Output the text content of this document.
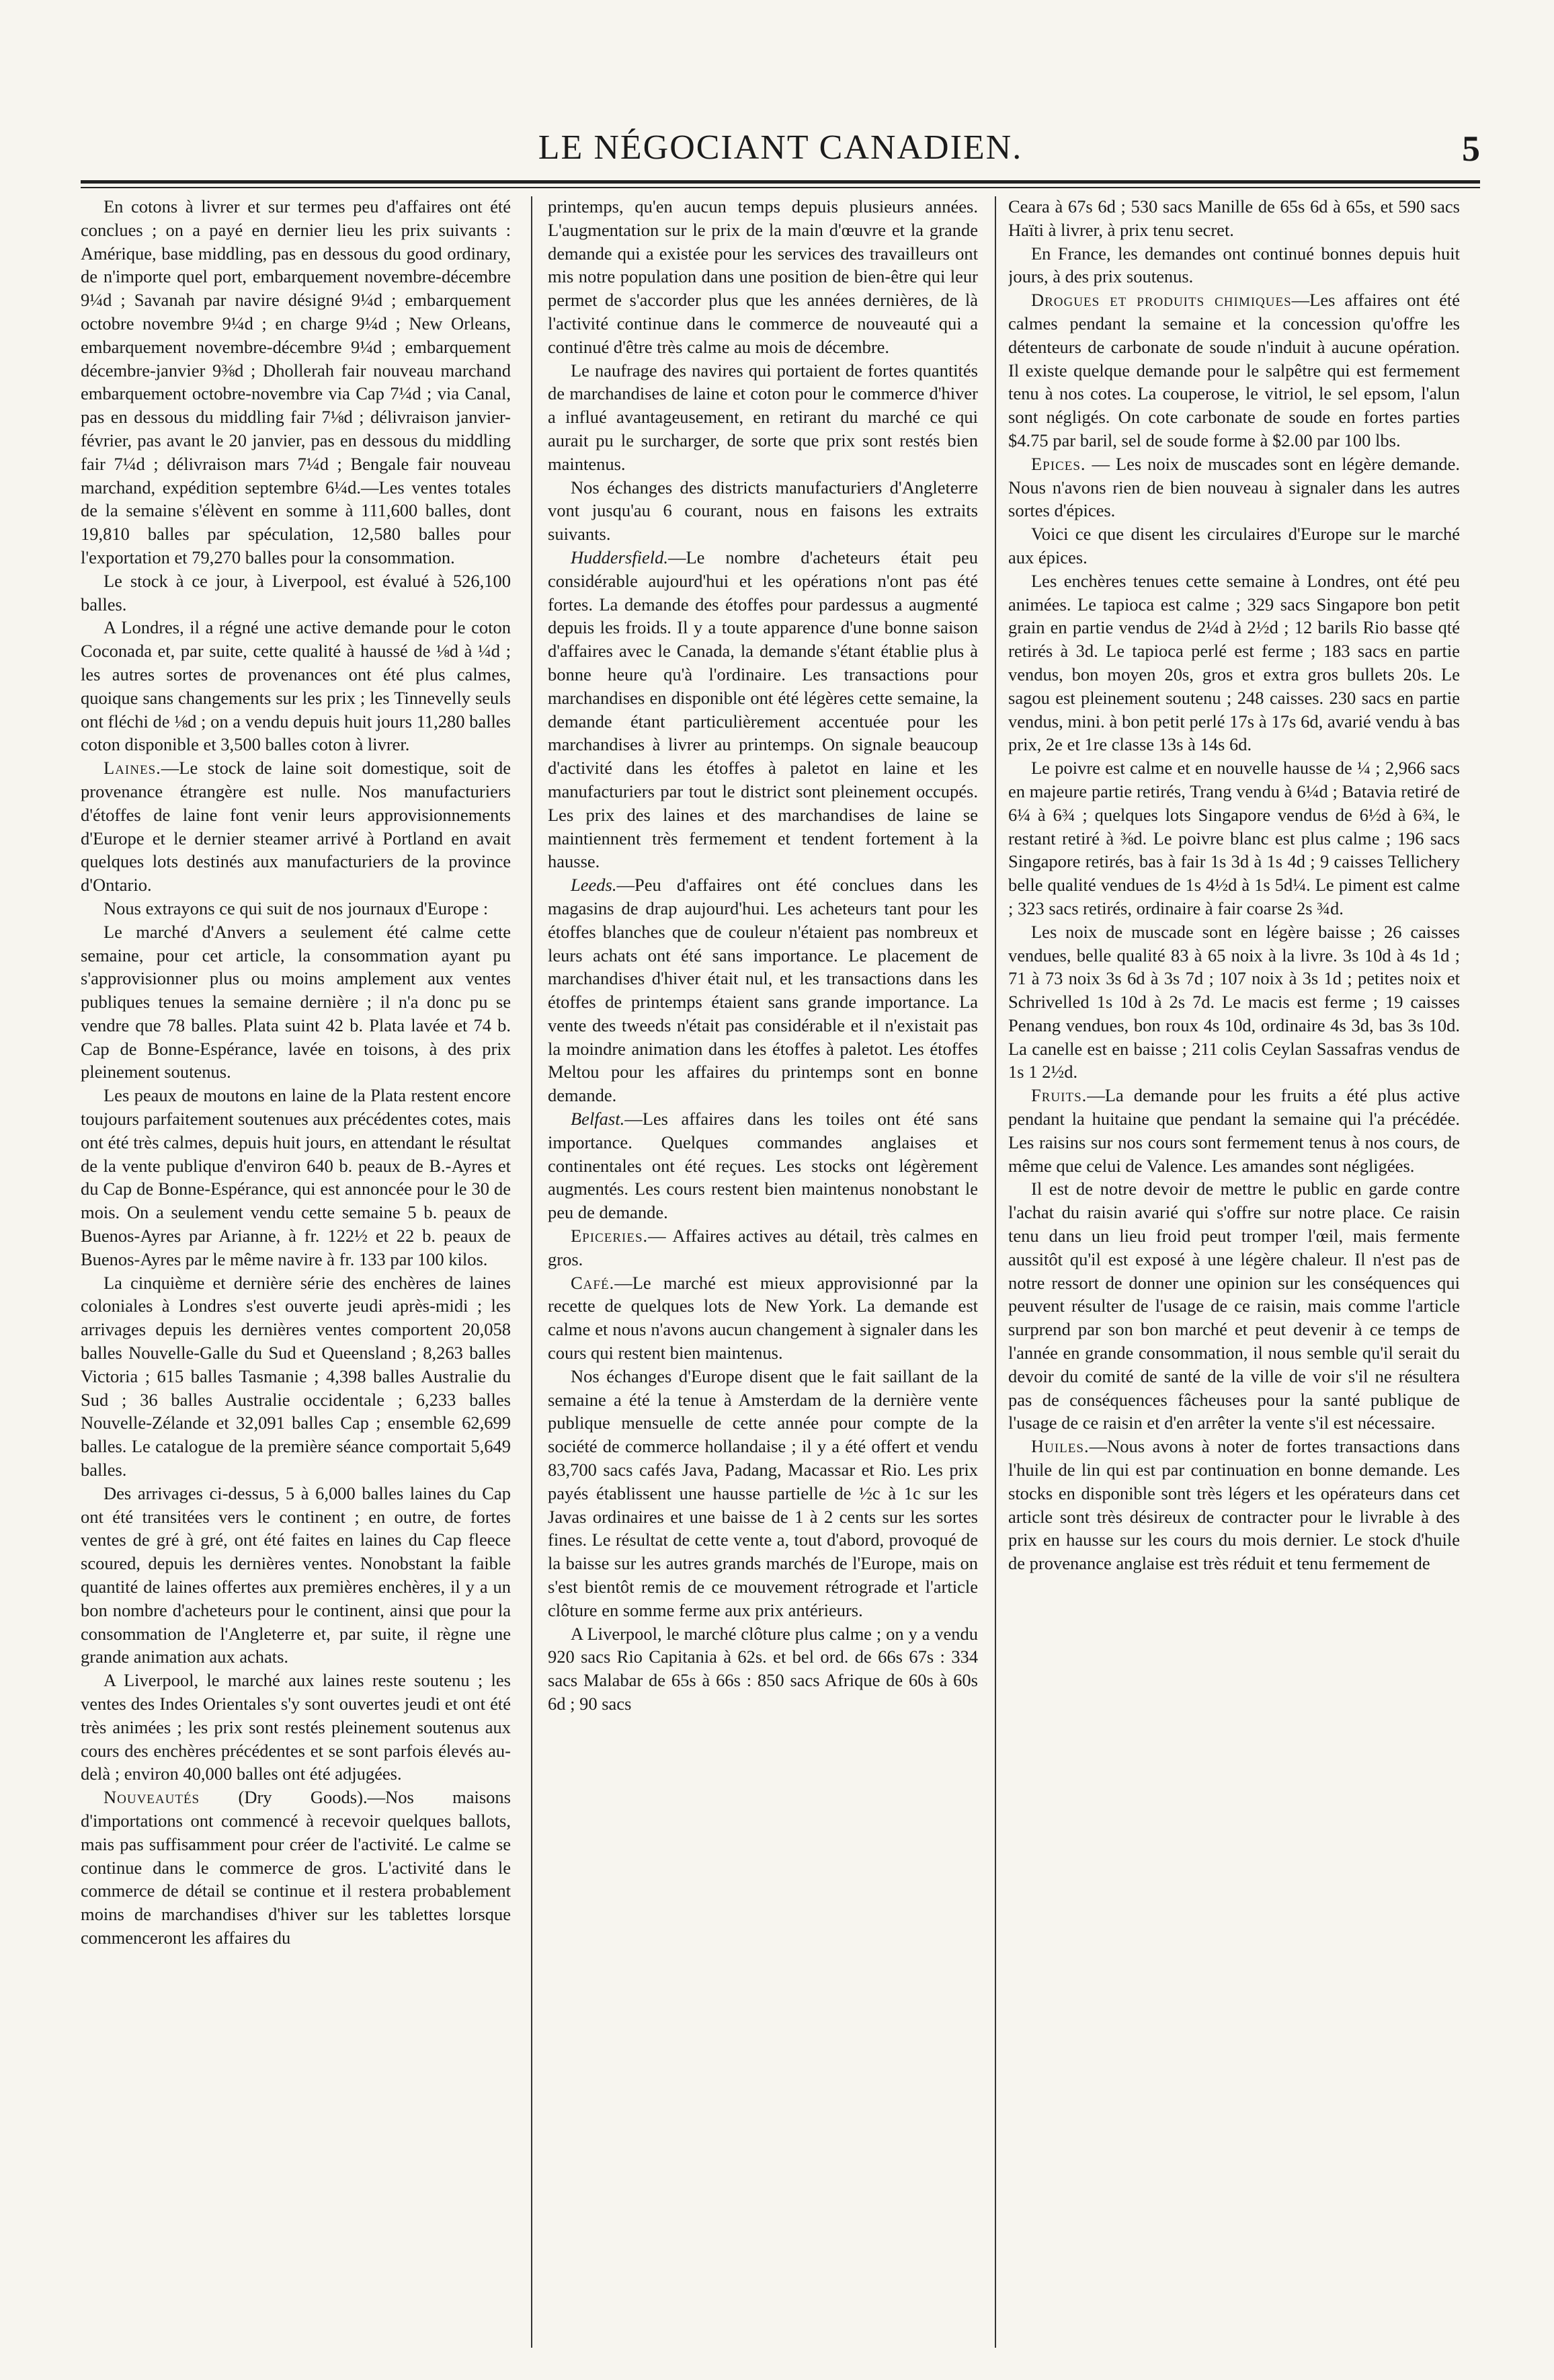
LE NÉGOCIANT CANADIEN.	5

En cotons à livrer et sur termes peu d'affaires ont été conclues ; on a payé en dernier lieu les prix suivants : Amérique, base middling, pas en dessous du good ordinary, de n'importe quel port, embarquement novembre-décembre 9¼d ; Savanah par navire désigné 9¼d ; embarquement octobre novembre 9¼d ; en charge 9¼d ; New Orleans, embarquement novembre-décembre 9¼d ; embarquement décembre-janvier 9⅜d ; Dhollerah fair nouveau marchand embarquement octobre-novembre via Cap 7¼d ; via Canal, pas en dessous du middling fair 7⅛d ; délivraison janvier-février, pas avant le 20 janvier, pas en dessous du middling fair 7¼d ; délivraison mars 7¼d ; Bengale fair nouveau marchand, expédition septembre 6¼d.—Les ventes totales de la semaine s'élèvent en somme à 111,600 balles, dont 19,810 balles par spéculation, 12,580 balles pour l'exportation et 79,270 balles pour la consommation.

Le stock à ce jour, à Liverpool, est évalué à 526,100 balles.

A Londres, il a régné une active demande pour le coton Coconada et, par suite, cette qualité à haussé de ⅛d à ¼d ; les autres sortes de provenances ont été plus calmes, quoique sans changements sur les prix ; les Tinnevelly seuls ont fléchi de ⅛d ; on a vendu depuis huit jours 11,280 balles coton disponible et 3,500 balles coton à livrer.

Laines.—Le stock de laine soit domestique, soit de provenance étrangère est nulle. Nos manufacturiers d'étoffes de laine font venir leurs approvisionnements d'Europe et le dernier steamer arrivé à Portland en avait quelques lots destinés aux manufacturiers de la province d'Ontario.

Nous extrayons ce qui suit de nos journaux d'Europe :

Le marché d'Anvers a seulement été calme cette semaine, pour cet article, la consommation ayant pu s'approvisionner plus ou moins amplement aux ventes publiques tenues la semaine dernière ; il n'a donc pu se vendre que 78 balles. Plata suint 42 b. Plata lavée et 74 b. Cap de Bonne-Espérance, lavée en toisons, à des prix pleinement soutenus.

Les peaux de moutons en laine de la Plata restent encore toujours parfaitement soutenues aux précédentes cotes, mais ont été très calmes, depuis huit jours, en attendant le résultat de la vente publique d'environ 640 b. peaux de B.-Ayres et du Cap de Bonne-Espérance, qui est annoncée pour le 30 de mois. On a seulement vendu cette semaine 5 b. peaux de Buenos-Ayres par Arianne, à fr. 122½ et 22 b. peaux de Buenos-Ayres par le même navire à fr. 133 par 100 kilos.

La cinquième et dernière série des enchères de laines coloniales à Londres s'est ouverte jeudi après-midi ; les arrivages depuis les dernières ventes comportent 20,058 balles Nouvelle-Galle du Sud et Queensland ; 8,263 balles Victoria ; 615 balles Tasmanie ; 4,398 balles Australie du Sud ; 36 balles Australie occidentale ; 6,233 balles Nouvelle-Zélande et 32,091 balles Cap ; ensemble 62,699 balles. Le catalogue de la première séance comportait 5,649 balles.

Des arrivages ci-dessus, 5 à 6,000 balles laines du Cap ont été transitées vers le continent ; en outre, de fortes ventes de gré à gré, ont été faites en laines du Cap fleece scoured, depuis les dernières ventes. Nonobstant la faible quantité de laines offertes aux premières enchères, il y a un bon nombre d'acheteurs pour le continent, ainsi que pour la consommation de l'Angleterre et, par suite, il règne une grande animation aux achats.

A Liverpool, le marché aux laines reste soutenu ; les ventes des Indes Orientales s'y sont ouvertes jeudi et ont été très animées ; les prix sont restés pleinement soutenus aux cours des enchères précédentes et se sont parfois élevés au-delà ; environ 40,000 balles ont été adjugées.

Nouveautés (Dry Goods).—Nos maisons d'importations ont commencé à recevoir quelques ballots, mais pas suffisamment pour créer de l'activité. Le calme se continue dans le commerce de gros. L'activité dans le commerce de détail se continue et il restera probablement moins de marchandises d'hiver sur les tablettes lorsque commenceront les affaires du

printemps, qu'en aucun temps depuis plusieurs années. L'augmentation sur le prix de la main d'œuvre et la grande demande qui a existée pour les services des travailleurs ont mis notre population dans une position de bien-être qui leur permet de s'accorder plus que les années dernières, de là l'activité continue dans le commerce de nouveauté qui a continué d'être très calme au mois de décembre.

Le naufrage des navires qui portaient de fortes quantités de marchandises de laine et coton pour le commerce d'hiver a influé avantageusement, en retirant du marché ce qui aurait pu le surcharger, de sorte que prix sont restés bien maintenus.

Nos échanges des districts manufacturiers d'Angleterre vont jusqu'au 6 courant, nous en faisons les extraits suivants.

Huddersfield.—Le nombre d'acheteurs était peu considérable aujourd'hui et les opérations n'ont pas été fortes. La demande des étoffes pour pardessus a augmenté depuis les froids. Il y a toute apparence d'une bonne saison d'affaires avec le Canada, la demande s'étant établie plus à bonne heure qu'à l'ordinaire. Les transactions pour marchandises en disponible ont été légères cette semaine, la demande étant particulièrement accentuée pour les marchandises à livrer au printemps. On signale beaucoup d'activité dans les étoffes à paletot en laine et les manufacturiers par tout le district sont pleinement occupés. Les prix des laines et des marchandises de laine se maintiennent très fermement et tendent fortement à la hausse.

Leeds.—Peu d'affaires ont été conclues dans les magasins de drap aujourd'hui. Les acheteurs tant pour les étoffes blanches que de couleur n'étaient pas nombreux et leurs achats ont été sans importance. Le placement de marchandises d'hiver était nul, et les transactions dans les étoffes de printemps étaient sans grande importance. La vente des tweeds n'était pas considérable et il n'existait pas la moindre animation dans les étoffes à paletot. Les étoffes Meltou pour les affaires du printemps sont en bonne demande.

Belfast.—Les affaires dans les toiles ont été sans importance. Quelques commandes anglaises et continentales ont été reçues. Les stocks ont légèrement augmentés. Les cours restent bien maintenus nonobstant le peu de demande.

Epiceries.— Affaires actives au détail, très calmes en gros.

Café.—Le marché est mieux approvisionné par la recette de quelques lots de New York. La demande est calme et nous n'avons aucun changement à signaler dans les cours qui restent bien maintenus.

Nos échanges d'Europe disent que le fait saillant de la semaine a été la tenue à Amsterdam de la dernière vente publique mensuelle de cette année pour compte de la société de commerce hollandaise ; il y a été offert et vendu 83,700 sacs cafés Java, Padang, Macassar et Rio. Les prix payés établissent une hausse partielle de ½c à 1c sur les Javas ordinaires et une baisse de 1 à 2 cents sur les sortes fines. Le résultat de cette vente a, tout d'abord, provoqué de la baisse sur les autres grands marchés de l'Europe, mais on s'est bientôt remis de ce mouvement rétrograde et l'article clôture en somme ferme aux prix antérieurs.

A Liverpool, le marché clôture plus calme ; on y a vendu 920 sacs Rio Capitania à 62s. et bel ord. de 66s 67s : 334 sacs Malabar de 65s à 66s : 850 sacs Afrique de 60s à 60s 6d ; 90 sacs

Ceara à 67s 6d ; 530 sacs Manille de 65s 6d à 65s, et 590 sacs Haïti à livrer, à prix tenu secret.

En France, les demandes ont continué bonnes depuis huit jours, à des prix soutenus.

Drogues et produits chimiques—Les affaires ont été calmes pendant la semaine et la concession qu'offre les détenteurs de carbonate de soude n'induit à aucune opération. Il existe quelque demande pour le salpêtre qui est fermement tenu à nos cotes. La couperose, le vitriol, le sel epsom, l'alun sont négligés. On cote carbonate de soude en fortes parties $4.75 par baril, sel de soude forme à $2.00 par 100 lbs.

Epices. — Les noix de muscades sont en légère demande. Nous n'avons rien de bien nouveau à signaler dans les autres sortes d'épices.

Voici ce que disent les circulaires d'Europe sur le marché aux épices.

Les enchères tenues cette semaine à Londres, ont été peu animées. Le tapioca est calme ; 329 sacs Singapore bon petit grain en partie vendus de 2¼d à 2½d ; 12 barils Rio basse qté retirés à 3d. Le tapioca perlé est ferme ; 183 sacs en partie vendus, bon moyen 20s, gros et extra gros bullets 20s. Le sagou est pleinement soutenu ; 248 caisses. 230 sacs en partie vendus, mini. à bon petit perlé 17s à 17s 6d, avarié vendu à bas prix, 2e et 1re classe 13s à 14s 6d.

Le poivre est calme et en nouvelle hausse de ¼ ; 2,966 sacs en majeure partie retirés, Trang vendu à 6¼d ; Batavia retiré de 6¼ à 6¾ ; quelques lots Singapore vendus de 6½d à 6¾, le restant retiré à ⅜d. Le poivre blanc est plus calme ; 196 sacs Singapore retirés, bas à fair 1s 3d à 1s 4d ; 9 caisses Tellichery belle qualité vendues de 1s 4½d à 1s 5d¼. Le piment est calme ; 323 sacs retirés, ordinaire à fair coarse 2s ¾d.

Les noix de muscade sont en légère baisse ; 26 caisses vendues, belle qualité 83 à 65 noix à la livre. 3s 10d à 4s 1d ; 71 à 73 noix 3s 6d à 3s 7d ; 107 noix à 3s 1d ; petites noix et Schrivelled 1s 10d à 2s 7d. Le macis est ferme ; 19 caisses Penang vendues, bon roux 4s 10d, ordinaire 4s 3d, bas 3s 10d. La canelle est en baisse ; 211 colis Ceylan Sassafras vendus de 1s 1 2½d.

Fruits.—La demande pour les fruits a été plus active pendant la huitaine que pendant la semaine qui l'a précédée. Les raisins sur nos cours sont fermement tenus à nos cours, de même que celui de Valence. Les amandes sont négligées.

Il est de notre devoir de mettre le public en garde contre l'achat du raisin avarié qui s'offre sur notre place. Ce raisin tenu dans un lieu froid peut tromper l'œil, mais fermente aussitôt qu'il est exposé à une légère chaleur. Il n'est pas de notre ressort de donner une opinion sur les conséquences qui peuvent résulter de l'usage de ce raisin, mais comme l'article surprend par son bon marché et peut devenir à ce temps de l'année en grande consommation, il nous semble qu'il serait du devoir du comité de santé de la ville de voir s'il ne résultera pas de conséquences fâcheuses pour la santé publique de l'usage de ce raisin et d'en arrêter la vente s'il est nécessaire.

Huiles.—Nous avons à noter de fortes transactions dans l'huile de lin qui est par continuation en bonne demande. Les stocks en disponible sont très légers et les opérateurs dans cet article sont très désireux de contracter pour le livrable à des prix en hausse sur les cours du mois dernier. Le stock d'huile de provenance anglaise est très réduit et tenu fermement de
